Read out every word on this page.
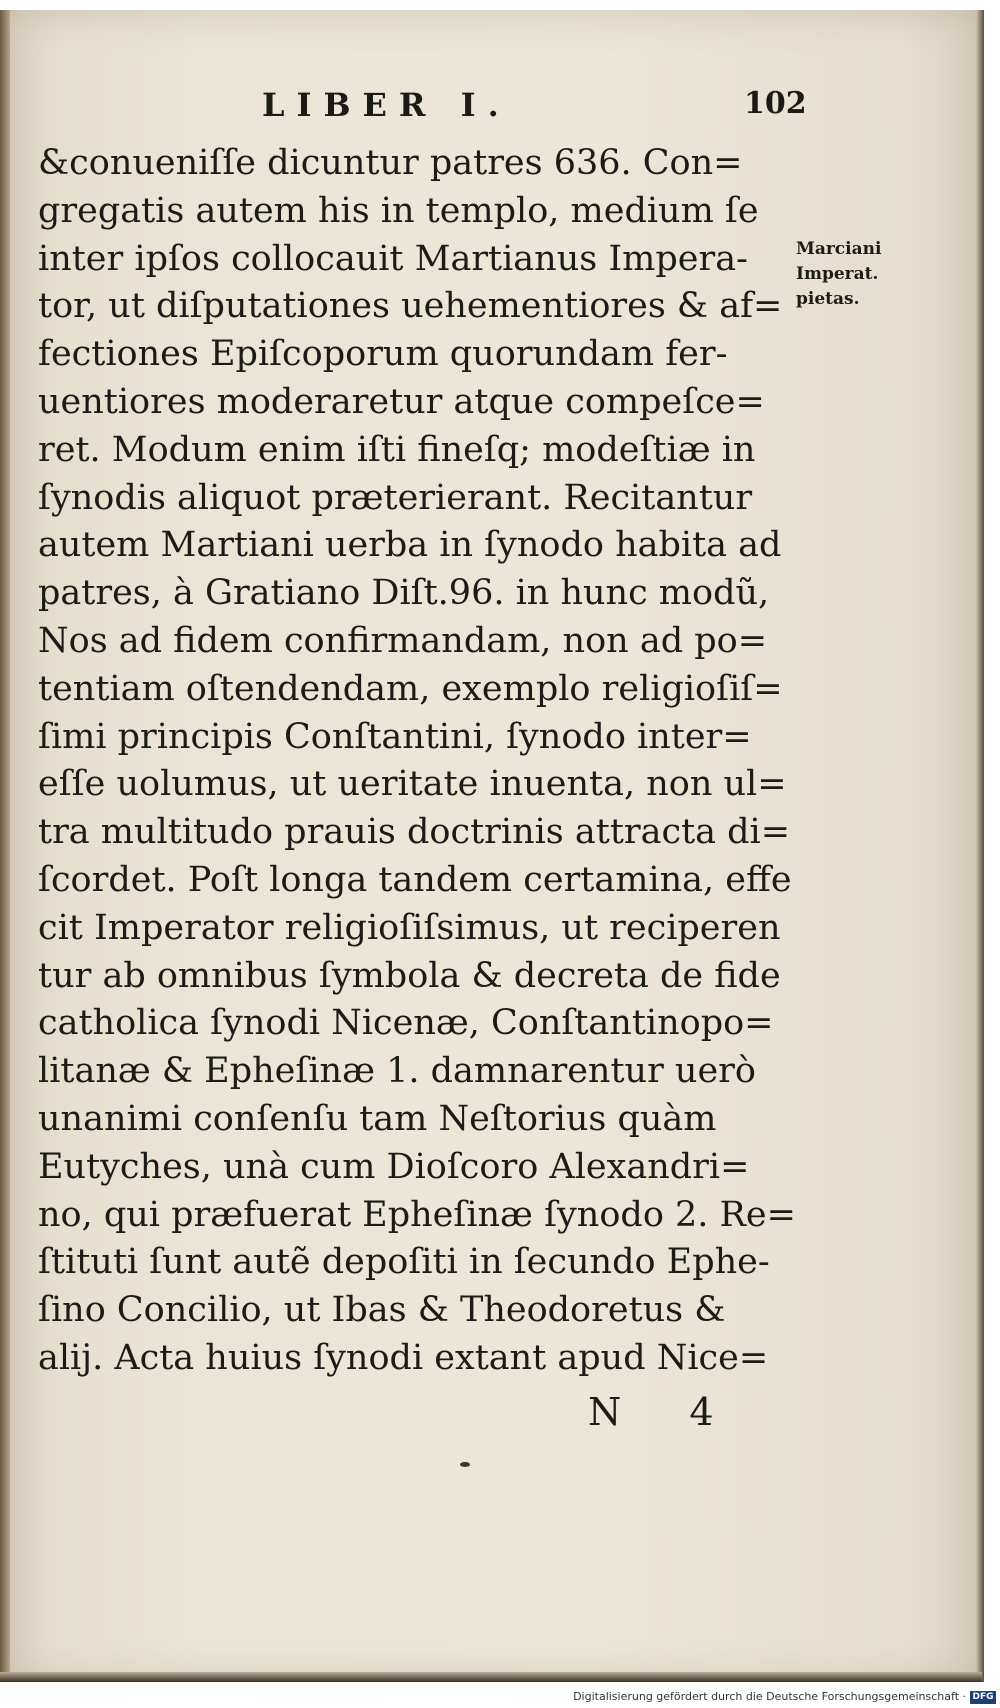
LIBER I.	102
&conueniſſe dicuntur patres 636. Con=
gregatis autem his in templo, medium ſe
inter ipſos collocauit Martianus Impera-
tor, ut diſputationes uehementiores & af=
fectiones Epiſcoporum quorundam fer-
uentiores moderaretur atque compeſce=
ret. Modum enim iſti fineſq; modeſtiæ in
ſynodis aliquot præterierant. Recitantur
autem Martiani uerba in ſynodo habita ad
patres, à Gratiano Diſt.96. in hunc modũ,
Nos ad fidem confirmandam, non ad po=
tentiam oſtendendam, exemplo religioſiſ=
ſimi principis Conſtantini, ſynodo inter=
eſſe uolumus, ut ueritate inuenta, non ul=
tra multitudo prauis doctrinis attracta di=
ſcordet. Poſt longa tandem certamina, effe
cit Imperator religioſiſsimus, ut reciperen
tur ab omnibus ſymbola & decreta de fide
catholica ſynodi Nicenæ, Conſtantinopo=
litanæ & Epheſinæ 1. damnarentur uerò
unanimi conſenſu tam Neſtorius quàm
Eutyches, unà cum Dioſcoro Alexandri=
no, qui præfuerat Epheſinæ ſynodo 2. Re=
ſtituti ſunt autẽ depoſiti in ſecundo Ephe-
ſino Concilio, ut Ibas & Theodoretus &
alij. Acta huius ſynodi extant apud Nice=
Marciani
Imperat.
pietas.
N 4
Digitalisierung gefördert durch die Deutsche Forschungsgemeinschaft · DFG
